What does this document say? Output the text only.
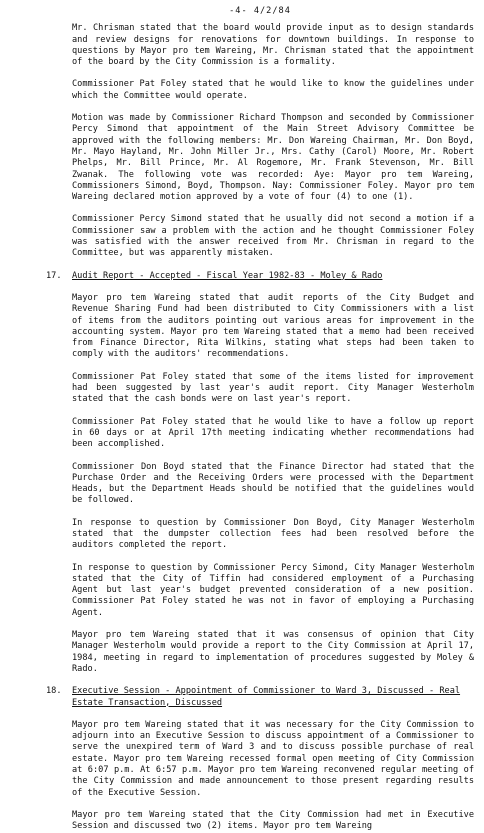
-4- 4/2/84
Mr. Chrisman stated that the board would provide input as to design standards and review designs for renovations for downtown buildings. In response to questions by Mayor pro tem Wareing, Mr. Chrisman stated that the appointment of the board by the City Commission is a formality.
Commissioner Pat Foley stated that he would like to know the guidelines under which the Committee would operate.
Motion was made by Commissioner Richard Thompson and seconded by Commissioner Percy Simond that appointment of the Main Street Advisory Committee be approved with the following members: Mr. Don Wareing Chairman, Mr. Don Boyd, Mr. Mayo Hayland, Mr. John Miller Jr., Mrs. Cathy (Carol) Moore, Mr. Robert Phelps, Mr. Bill Prince, Mr. Al Rogemore, Mr. Frank Stevenson, Mr. Bill Zwanak. The following vote was recorded: Aye: Mayor pro tem Wareing, Commissioners Simond, Boyd, Thompson. Nay: Commissioner Foley. Mayor pro tem Wareing declared motion approved by a vote of four (4) to one (1).
Commissioner Percy Simond stated that he usually did not second a motion if a Commissioner saw a problem with the action and he thought Commissioner Foley was satisfied with the answer received from Mr. Chrisman in regard to the Committee, but was apparently mistaken.
17.	Audit Report - Accepted - Fiscal Year 1982-83 - Moley & Rado
Mayor pro tem Wareing stated that audit reports of the City Budget and Revenue Sharing Fund had been distributed to City Commissioners with a list of items from the auditors pointing out various areas for improvement in the accounting system. Mayor pro tem Wareing stated that a memo had been received from Finance Director, Rita Wilkins, stating what steps had been taken to comply with the auditors' recommendations.
Commissioner Pat Foley stated that some of the items listed for improvement had been suggested by last year's audit report. City Manager Westerholm stated that the cash bonds were on last year's report.
Commissioner Pat Foley stated that he would like to have a follow up report in 60 days or at April 17th meeting indicating whether recommendations had been accomplished.
Commissioner Don Boyd stated that the Finance Director had stated that the Purchase Order and the Receiving Orders were processed with the Department Heads, but the Department Heads should be notified that the guidelines would be followed.
In response to question by Commissioner Don Boyd, City Manager Westerholm stated that the dumpster collection fees had been resolved before the auditors completed the report.
In response to question by Commissioner Percy Simond, City Manager Westerholm stated that the City of Tiffin had considered employment of a Purchasing Agent but last year's budget prevented consideration of a new position. Commissioner Pat Foley stated he was not in favor of employing a Purchasing Agent.
Mayor pro tem Wareing stated that it was consensus of opinion that City Manager Westerholm would provide a report to the City Commission at April 17, 1984, meeting in regard to implementation of procedures suggested by Moley & Rado.
18.	Executive Session - Appointment of Commissioner to Ward 3, Discussed - Real Estate Transaction, Discussed
Mayor pro tem Wareing stated that it was necessary for the City Commission to adjourn into an Executive Session to discuss appointment of a Commissioner to serve the unexpired term of Ward 3 and to discuss possible purchase of real estate. Mayor pro tem Wareing recessed formal open meeting of City Commission at 6:07 p.m. At 6:57 p.m. Mayor pro tem Wareing reconvened regular meeting of the City Commission and made announcement to those present regarding results of the Executive Session.
Mayor pro tem Wareing stated that the City Commission had met in Executive Session and discussed two (2) items. Mayor pro tem Wareing
